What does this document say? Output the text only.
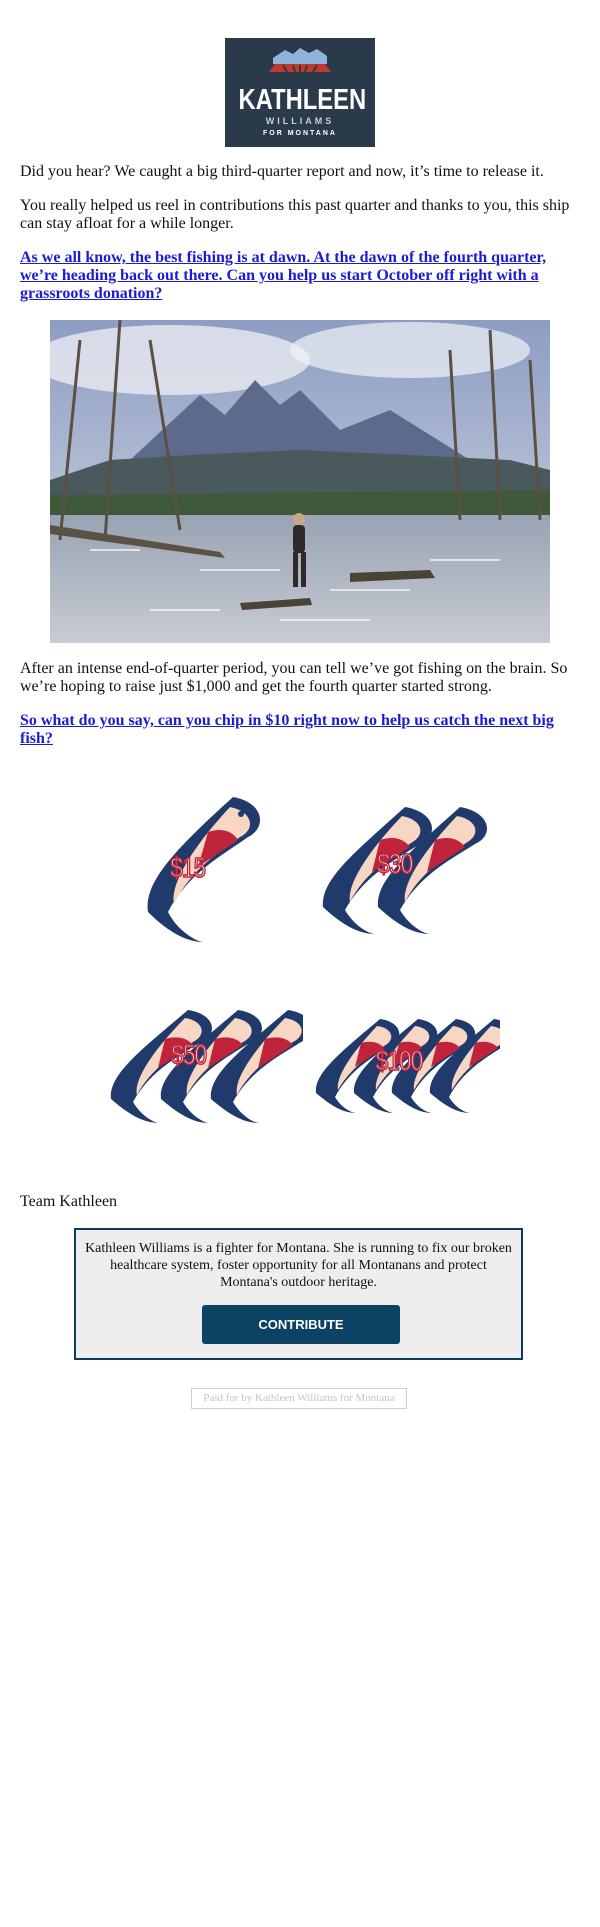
KATHLEEN
WILLIAMS
FOR MONTANA

Did you hear? We caught a big third-quarter report and now, it’s time to release it.

You really helped us reel in contributions this past quarter and thanks to you, this ship can stay afloat for a while longer.

As we all know, the best fishing is at dawn. At the dawn of the fourth quarter, we’re heading back out there. Can you help us start October off right with a grassroots donation?

After an intense end-of-quarter period, you can tell we’ve got fishing on the brain. So we’re hoping to raise just $1,000 and get the fourth quarter started strong.

So what do you say, can you chip in $10 right now to help us catch the next big fish?

$15	$30
$50	$100
Team Kathleen
Kathleen Williams is a fighter for Montana. She is running to fix our broken healthcare system, foster opportunity for all Montanans and protect Montana's outdoor heritage.
CONTRIBUTE
Paid for by Kathleen Williams for Montana
